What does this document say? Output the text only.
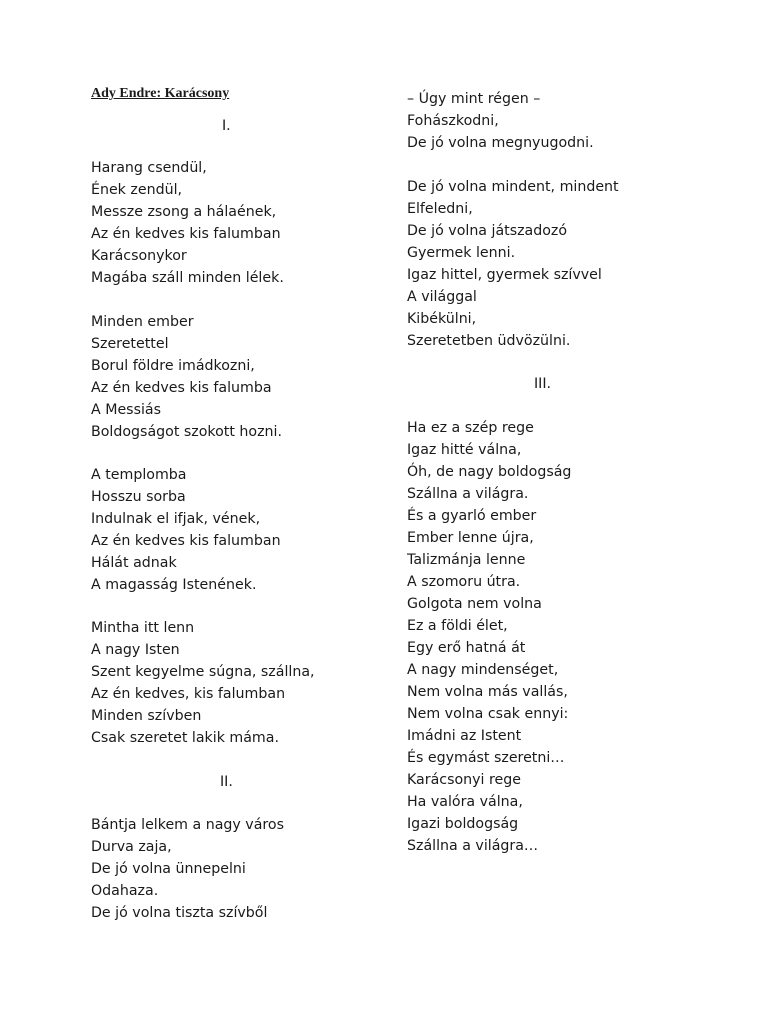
Ady Endre: Karácsony
I.
Harang csendül,
Ének zendül,
Messze zsong a hálaének,
Az én kedves kis falumban
Karácsonykor
Magába száll minden lélek.
Minden ember
Szeretettel
Borul földre imádkozni,
Az én kedves kis falumba
A Messiás
Boldogságot szokott hozni.
A templomba
Hosszu sorba
Indulnak el ifjak, vének,
Az én kedves kis falumban
Hálát adnak
A magasság Istenének.
Mintha itt lenn
A nagy Isten
Szent kegyelme súgna, szállna,
Az én kedves, kis falumban
Minden szívben
Csak szeretet lakik máma.
II.
Bántja lelkem a nagy város
Durva zaja,
De jó volna ünnepelni
Odahaza.
De jó volna tiszta szívből
– Úgy mint régen –
Fohászkodni,
De jó volna megnyugodni.
De jó volna mindent, mindent
Elfeledni,
De jó volna játszadozó
Gyermek lenni.
Igaz hittel, gyermek szívvel
A világgal
Kibékülni,
Szeretetben üdvözülni.
III.
Ha ez a szép rege
Igaz hitté válna,
Óh, de nagy boldogság
Szállna a világra.
És a gyarló ember
Ember lenne újra,
Talizmánja lenne
A szomoru útra.
Golgota nem volna
Ez a földi élet,
Egy erő hatná át
A nagy mindenséget,
Nem volna más vallás,
Nem volna csak ennyi:
Imádni az Istent
És egymást szeretni…
Karácsonyi rege
Ha valóra válna,
Igazi boldogság
Szállna a világra…
